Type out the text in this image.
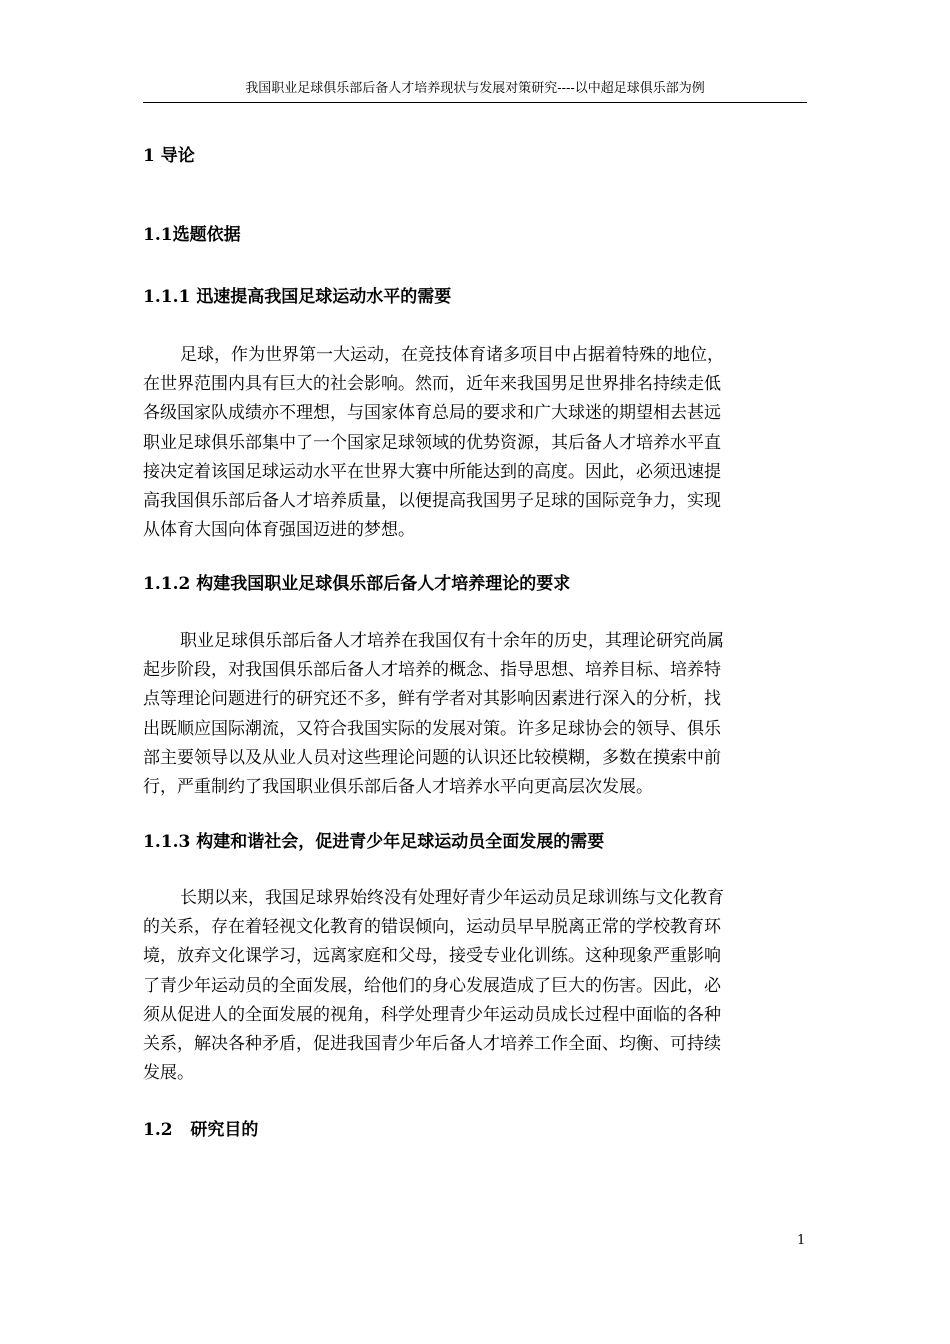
我国职业足球俱乐部后备人才培养现状与发展对策研究----以中超足球俱乐部为例
1 导论
1.1选题依据
1.1.1 迅速提高我国足球运动水平的需要
足球，作为世界第一大运动，在竞技体育诸多项目中占据着特殊的地位，
在世界范围内具有巨大的社会影响。然而，近年来我国男足世界排名持续走低
各级国家队成绩亦不理想，与国家体育总局的要求和广大球迷的期望相去甚远
职业足球俱乐部集中了一个国家足球领域的优势资源，其后备人才培养水平直
接决定着该国足球运动水平在世界大赛中所能达到的高度。因此，必须迅速提
高我国俱乐部后备人才培养质量，以便提高我国男子足球的国际竞争力，实现
从体育大国向体育强国迈进的梦想。
1.1.2 构建我国职业足球俱乐部后备人才培养理论的要求
职业足球俱乐部后备人才培养在我国仅有十余年的历史，其理论研究尚属
起步阶段，对我国俱乐部后备人才培养的概念、指导思想、培养目标、培养特
点等理论问题进行的研究还不多，鲜有学者对其影响因素进行深入的分析，找
出既顺应国际潮流，又符合我国实际的发展对策。许多足球协会的领导、俱乐
部主要领导以及从业人员对这些理论问题的认识还比较模糊，多数在摸索中前
行，严重制约了我国职业俱乐部后备人才培养水平向更高层次发展。
1.1.3 构建和谐社会，促进青少年足球运动员全面发展的需要
长期以来，我国足球界始终没有处理好青少年运动员足球训练与文化教育
的关系，存在着轻视文化教育的错误倾向，运动员早早脱离正常的学校教育环
境，放弃文化课学习，远离家庭和父母，接受专业化训练。这种现象严重影响
了青少年运动员的全面发展，给他们的身心发展造成了巨大的伤害。因此，必
须从促进人的全面发展的视角，科学处理青少年运动员成长过程中面临的各种
关系，解决各种矛盾，促进我国青少年后备人才培养工作全面、均衡、可持续
发展。
1.2   研究目的
1
